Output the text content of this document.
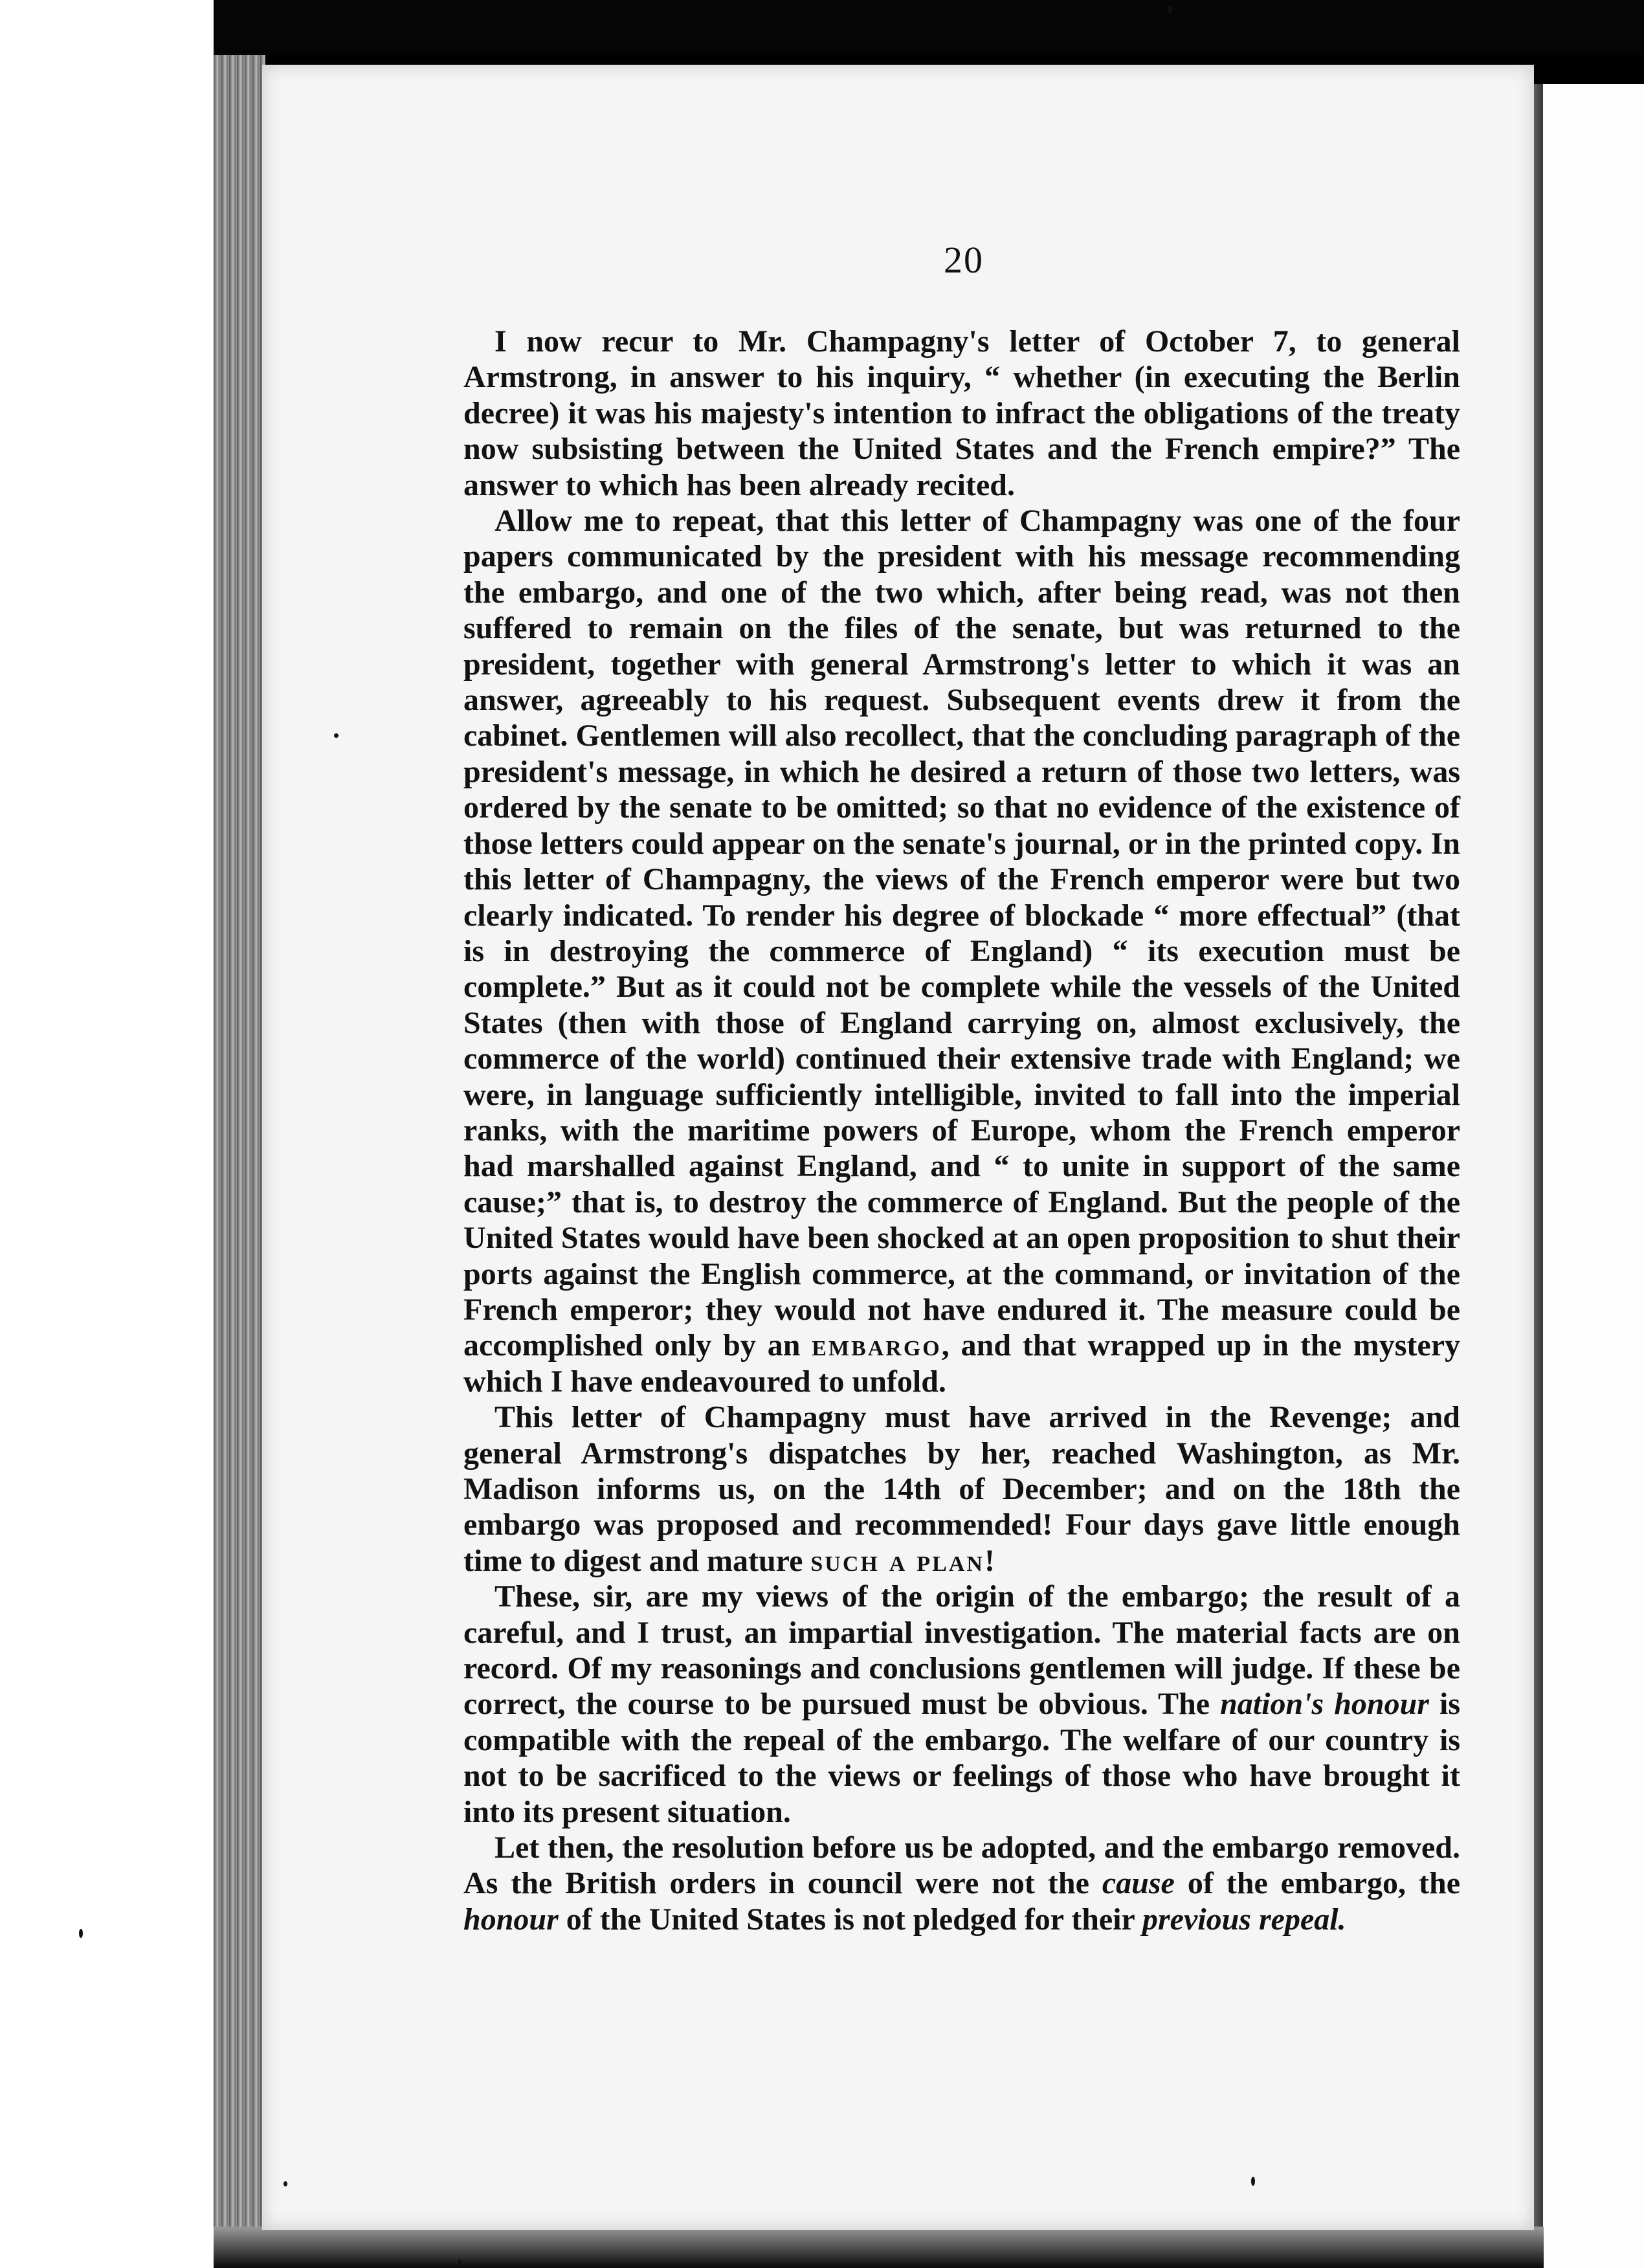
20

I now recur to Mr. Champagny's letter of October 7, to general Armstrong, in answer to his inquiry, “ whether (in executing the Berlin decree) it was his majesty's intention to infract the obligations of the treaty now subsisting between the United States and the French empire?” The answer to which has been already recited.

Allow me to repeat, that this letter of Champagny was one of the four papers communicated by the president with his message recommending the embargo, and one of the two which, after being read, was not then suffered to remain on the files of the senate, but was returned to the president, together with general Armstrong's letter to which it was an answer, agreeably to his request. Subsequent events drew it from the cabinet. Gentlemen will also recollect, that the concluding paragraph of the president's message, in which he desired a return of those two letters, was ordered by the senate to be omitted; so that no evidence of the existence of those letters could appear on the senate's journal, or in the printed copy. In this letter of Champagny, the views of the French emperor were but two clearly indicated. To render his degree of blockade “ more effectual” (that is in destroying the commerce of England) “ its execution must be complete.” But as it could not be complete while the vessels of the United States (then with those of England carrying on, almost exclusively, the commerce of the world) continued their extensive trade with England; we were, in language sufficiently intelligible, invited to fall into the imperial ranks, with the maritime powers of Europe, whom the French emperor had marshalled against England, and “ to unite in support of the same cause;” that is, to destroy the commerce of England. But the people of the United States would have been shocked at an open proposition to shut their ports against the English commerce, at the command, or invitation of the French emperor; they would not have endured it. The measure could be accomplished only by an embargo, and that wrapped up in the mystery which I have endeavoured to unfold.

This letter of Champagny must have arrived in the Revenge; and general Armstrong's dispatches by her, reached Washington, as Mr. Madison informs us, on the 14th of December; and on the 18th the embargo was proposed and recommended! Four days gave little enough time to digest and mature such a plan!

These, sir, are my views of the origin of the embargo; the result of a careful, and I trust, an impartial investigation. The material facts are on record. Of my reasonings and conclusions gentlemen will judge. If these be correct, the course to be pursued must be obvious. The nation's honour is compatible with the repeal of the embargo. The welfare of our country is not to be sacrificed to the views or feelings of those who have brought it into its present situation.

Let then, the resolution before us be adopted, and the embargo removed. As the British orders in council were not the cause of the embargo, the honour of the United States is not pledged for their previous repeal.
